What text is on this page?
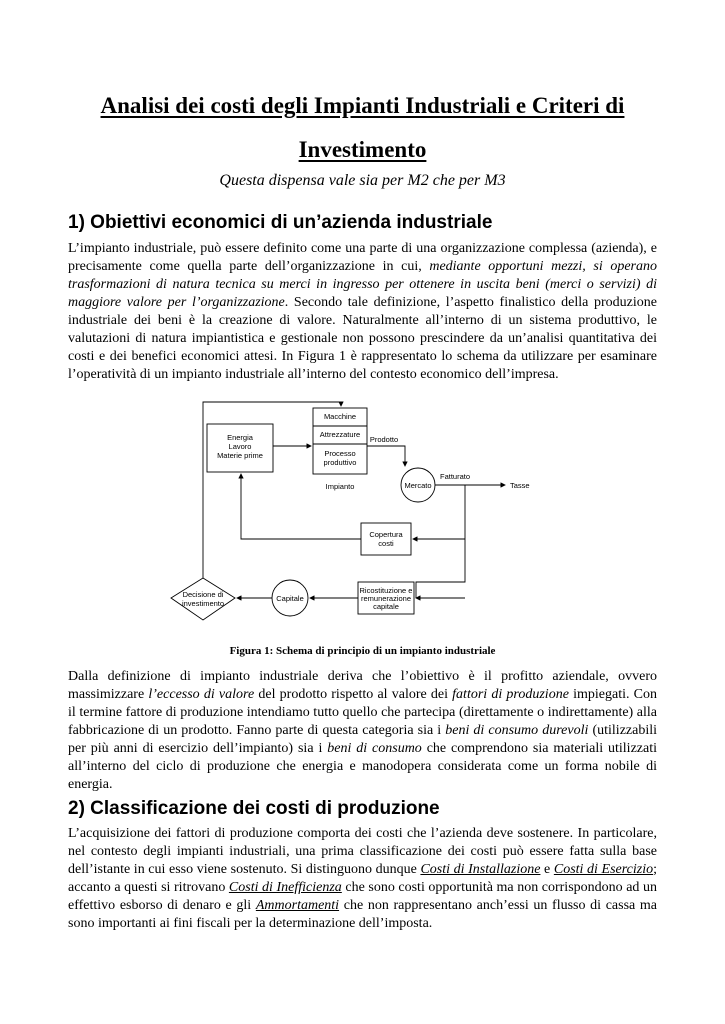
Analisi dei costi degli Impianti Industriali e Criteri di Investimento
Questa dispensa vale sia per M2 che per M3
1) Obiettivi economici di un’azienda industriale

L’impianto industriale, può essere definito come una parte di una organizzazione complessa (azienda), e precisamente come quella parte dell’organizzazione in cui, mediante opportuni mezzi, si operano trasformazioni di natura tecnica su merci in ingresso per ottenere in uscita beni (merci o servizi) di maggiore valore per l’organizzazione. Secondo tale definizione, l’aspetto finalistico della produzione industriale dei beni è la creazione di valore. Naturalmente all’interno di un sistema produttivo, le valutazioni di natura impiantistica e gestionale non possono prescindere da un’analisi quantitativa dei costi e dei benefici economici attesi. In Figura 1 è rappresentato lo schema da utilizzare per esaminare l’operatività di un impianto industriale all’interno del contesto economico dell’impresa.

Energia
Lavoro
Materie prime
Macchine
Attrezzature
Processo
produttivo
Impianto
Prodotto
Mercato
Fatturato
Tasse
Copertura
costi
Ricostituzione e
remunerazione
capitale
Capitale
Decisione di
investimento
Figura 1: Schema di principio di un impianto industriale

Dalla definizione di impianto industriale deriva che l’obiettivo è il profitto aziendale, ovvero massimizzare l’eccesso di valore del prodotto rispetto al valore dei fattori di produzione impiegati. Con il termine fattore di produzione intendiamo tutto quello che partecipa (direttamente o indirettamente) alla fabbricazione di un prodotto. Fanno parte di questa categoria sia i beni di consumo durevoli (utilizzabili per più anni di esercizio dell’impianto) sia i beni di consumo che comprendono sia materiali utilizzati all’interno del ciclo di produzione che energia e manodopera considerata come un forma nobile di energia.

2) Classificazione dei costi di produzione

L’acquisizione dei fattori di produzione comporta dei costi che l’azienda deve sostenere. In particolare, nel contesto degli impianti industriali, una prima classificazione dei costi può essere fatta sulla base dell’istante in cui esso viene sostenuto. Si distinguono dunque Costi di Installazione e Costi di Esercizio; accanto a questi si ritrovano Costi di Inefficienza che sono costi opportunità ma non corrispondono ad un effettivo esborso di denaro e gli Ammortamenti che non rappresentano anch’essi un flusso di cassa ma sono importanti ai fini fiscali per la determinazione dell’imposta.
